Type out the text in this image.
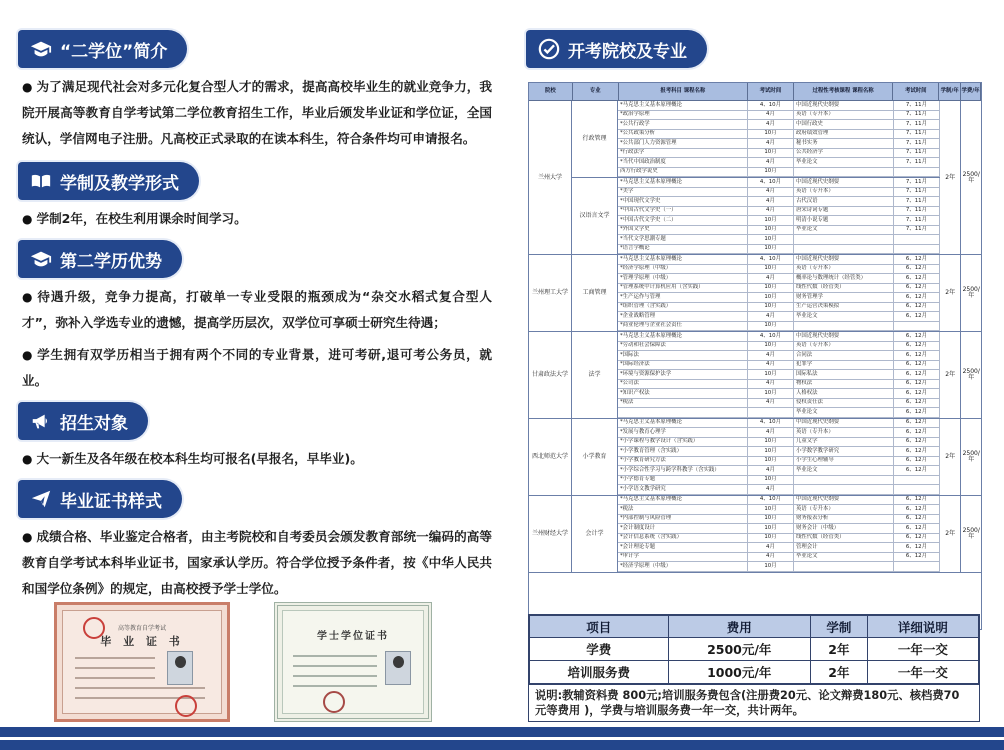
“二学位”简介
● 为了满足现代社会对多元化复合型人才的需求，提高高校毕业生的就业竞争力，我院开展高等教育自学考试第二学位教育招生工作，毕业后颁发毕业证和学位证，全国统认，学信网电子注册。凡高校正式录取的在读本科生，符合条件均可申请报名。
学制及教学形式
● 学制2年，在校生利用课余时间学习。
第二学历优势
● 待遇升级，竞争力提高，打破单一专业受限的瓶颈成为“杂交水稻式复合型人才”，弥补入学选专业的遗憾，提高学历层次，双学位可享硕士研究生待遇；
● 学生拥有双学历相当于拥有两个不同的专业背景，进可考研,退可考公务员，就业。
招生对象
● 大一新生及各年级在校本科生均可报名(早报名，早毕业)。
毕业证书样式
● 成绩合格、毕业鉴定合格者，由主考院校和自考委员会颁发教育部统一编码的高等教育自学考试本科毕业证书，国家承认学历。符合学位授予条件者，按《中华人民共和国学位条例》的规定，由高校授予学士学位。
高等教育自学考试
毕 业 证 书	学士学位证书
开考院校及专业
院校	专业	报考科目 课程名称	考试时间	过程性考核课程 课程名称	考试时间	学制/年 学费/年
兰州大学
行政管理
*马克思主义基本原理概论	4、10月	中国近现代史纲要	7、11月
*政治学原理	4月	英语（专升本）	7、11月
*公共行政学	4月	中国行政史	7、11月
*公共政策分析	10月	政府绩效管理	7、11月
*公共部门人力资源管理	4月	秘书实务	7、11月
*行政法学	10月	公共经济学	7、11月
*当代中国政治制度	4月	毕业论文	7、11月
西方行政学说史	10月
汉语言文学
*马克思主义基本原理概论	4、10月	中国近现代史纲要	7、11月
*美学	4月	英语（专升本）	7、11月
*中国现代文学史	4月	古代汉语	7、11月
*中国古代文学史（一）	4月	唐宋诗词专题	7、11月
*中国古代文学史（二）	10月	明清小说专题	7、11月
*外国文学史	10月	毕业论文	7、11月
*当代文学思潮专题	10月
*语言学概论	10月
2年	2500/年
兰州理工大学	工商管理
*马克思主义基本原理概论	4、10月	中国近现代史纲要	6、12月
*经济学原理（中级）	10月	英语（专升本）	6、12月
*管理学原理（中级）	4月	概率论与数理统计（经管类）	6、12月
*管理系统中计算机应用（含实践）	10月	线性代数（经管类）	6、12月
*生产运作与管理	10月	财务管理学	6、12月
*组织管理（含实践）	10月	生产运营决策模拟	6、12月
*企业战略管理	4月	毕业论文	6、12月
*商业伦理与企业社会责任	10月
2年	2500/年
甘肃政法大学	法学
*马克思主义基本原理概论	4、10月	中国近现代史纲要	6、12月
*劳动和社会保障法	10月	英语（专升本）	6、12月
*国际法	4月	合同法	6、12月
*国际经济法	4月	犯罪学	6、12月
*环境与资源保护法学	10月	国际私法	6、12月
*公司法	4月	物权法	6、12月
*知识产权法	10月	人格权法	6、12月
*税法	4月	侵权责任法	6、12月
毕业论文	6、12月
2年	2500/年
西北师范大学	小学教育
*马克思主义基本原理概论	4、10月	中国近现代史纲要	6、12月
*发展与教育心理学	4月	英语（专升本）	6、12月
*小学课程与教学设计（含实践）	10月	儿童文学	6、12月
*小学教育管理（含实践）	10月	小学数学教学研究	6、12月
*小学教育研究方法	10月	小学生心理辅导	6、12月
*小学综合性学习与跨学科教学（含实践）	4月	毕业论文	6、12月
*小学德育专题	10月
*小学语文教学研究	4月
2年	2500/年
兰州财经大学	会计学
*马克思主义基本原理概论	4、10月	中国近现代史纲要	6、12月
*税法	10月	英语（专升本）	6、12月
*内部控制与风险管理	10月	财务报表分析	6、12月
*会计制度设计	10月	财务会计（中级）	6、12月
*会计信息系统（含实践）	10月	线性代数（经管类）	6、12月
*会计理论专题	4月	管理会计	6、12月
*审计学	4月	毕业论文	6、12月
*经济学原理（中级）	10月
2年	2500/年
项目	费用	学制	详细说明
学费	2500元/年	2年	一年一交
培训服务费	1000元/年	2年	一年一交
说明:教辅资料费 800元;培训服务费包含(注册费20元、论文辩费180元、核档费70 元等费用 )，学费与培训服务费一年一交，共计两年。
